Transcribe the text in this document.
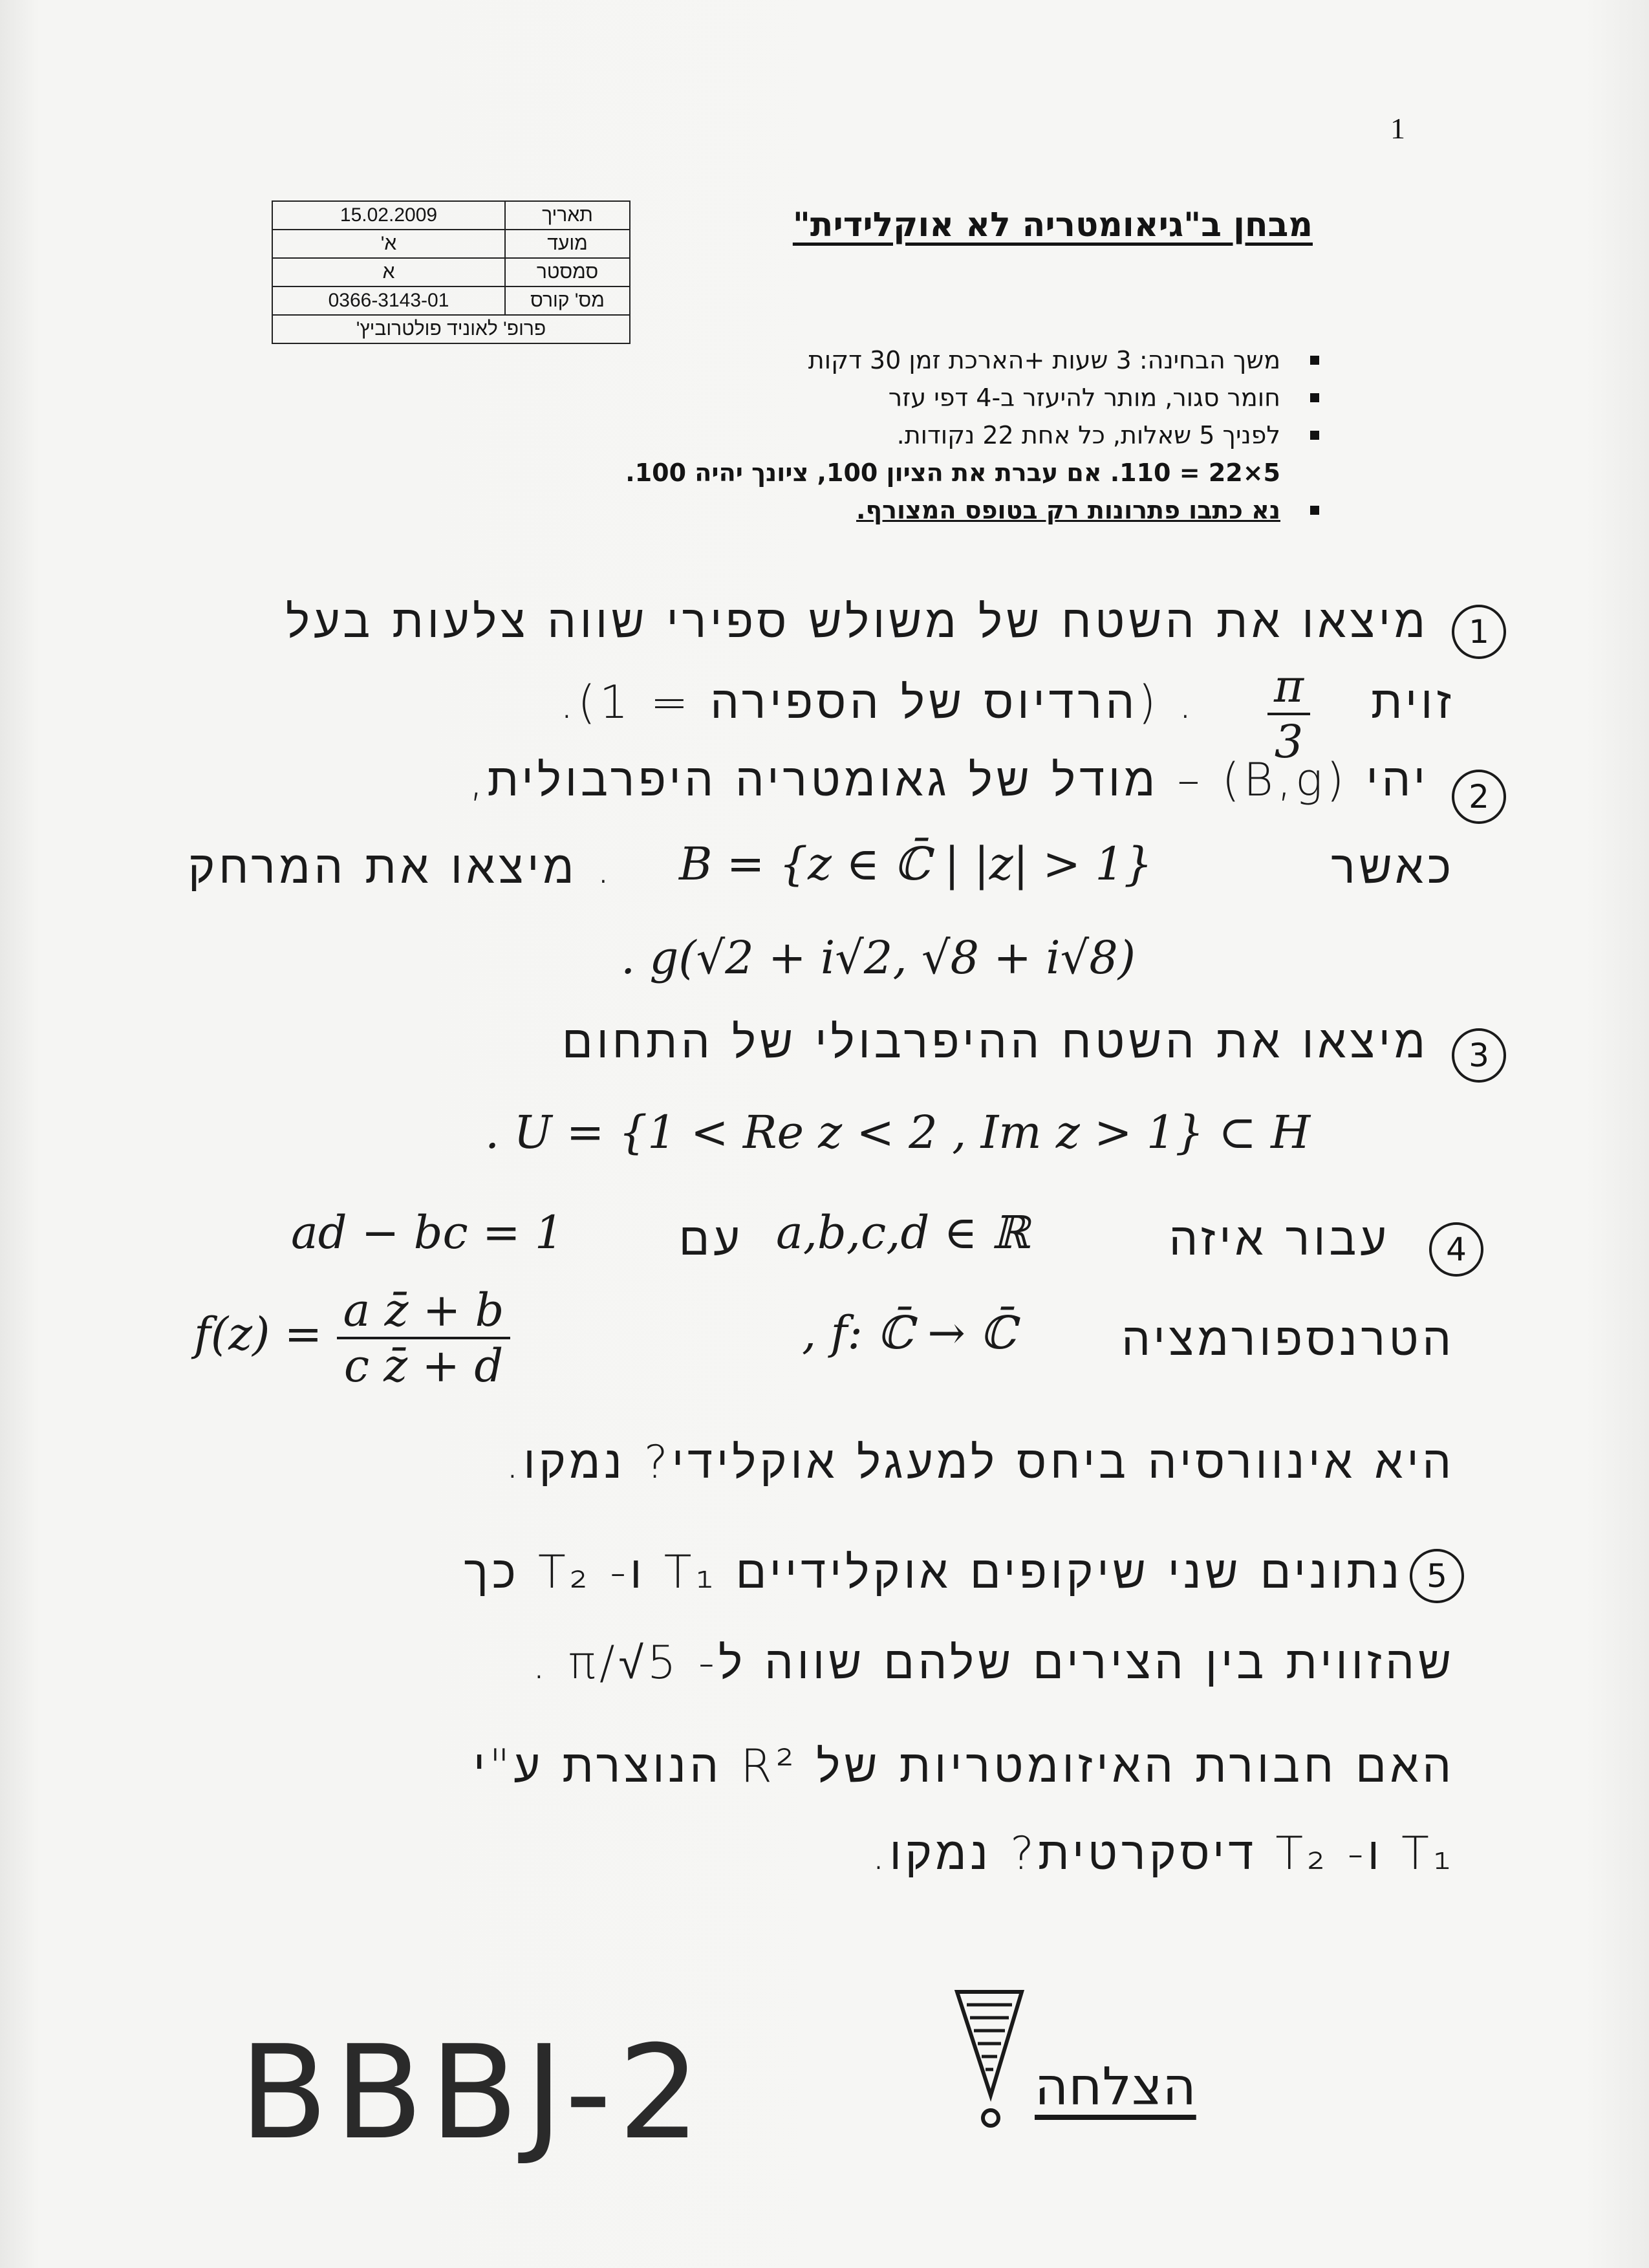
1
תאריך	15.02.2009
מועד	א'
סמסטר	א
מס' קורס	0366-3143-01
פרופ' לאוניד פולטרוביץ'	
מבחן ב"גיאומטריה לא אוקלידית"
משך הבחינה: 3 שעות +הארכת זמן 30 דקות
חומר סגור, מותר להיעזר ב-4 דפי עזר
לפניך 5 שאלות, כל אחת 22 נקודות.
5×22 = 110. אם עברת את הציון 100, ציונך יהיה 100.
נא כתבו פתרונות רק בטופס המצורף.
1
מיצאו את השטח של משולש ספירי שווה צלעות בעל
זוית
$\frac{\pi}{3}$
. (הרדיוס של הספירה = 1).
2
יהי (B,g) – מודל של גאומטריה היפרבולית,
כאשר
B = {z ∈ ℂ̄ | |z| > 1}
. מיצאו את המרחק
. g(√2 + i√2, √8 + i√8)
3
מיצאו את השטח ההיפרבולי של התחום
. U = {1 < Re z < 2 , Im z > 1} ⊂ H
4
עבור איזה
a,b,c,d ∈ ℝ
עם
ad − bc = 1
$f(z) = \frac{\text{a z̄ + b}}{\text{c z̄ + d}}$	הטרנספורמציה
, f: ℂ̄ → ℂ̄
היא אינוורסיה ביחס למעגל אוקלידי? נמקו.
5
נתונים שני שיקופים אוקלידיים T₁ ו- T₂ כך
שהזווית בין הצירים שלהם שווה ל- π/√5 .
האם חבורת האיזומטריות של R² הנוצרת ע"י
T₁ ו- T₂ דיסקרטית? נמקו.
BBBJ-2	הצלחה
